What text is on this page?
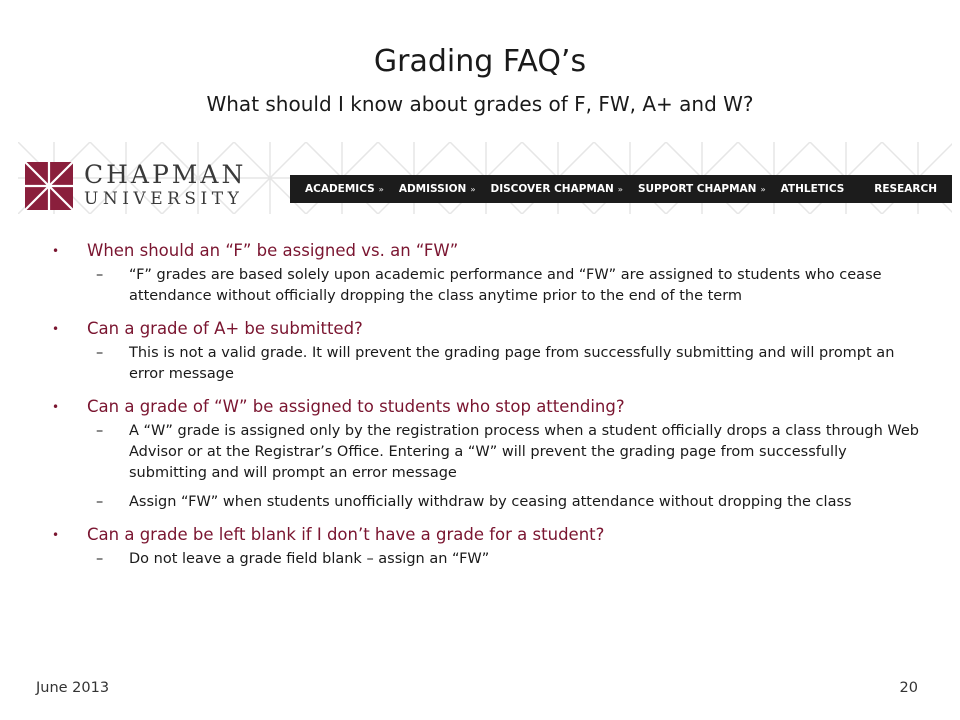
Grading FAQ’s
What should I know about grades of F, FW, A+ and W?
CHAPMAN
UNIVERSITY	ACADEMICS » ADMISSION » DISCOVER CHAPMAN » SUPPORT CHAPMAN » ATHLETICS	RESEARCH
• When should an “F” be assigned vs. an “FW”
– “F” grades are based solely upon academic performance and “FW” are assigned to students who cease attendance without officially dropping the class anytime prior to the end of the term
• Can a grade of A+ be submitted?
– This is not a valid grade. It will prevent the grading page from successfully submitting and will prompt an error message
• Can a grade of “W” be assigned to students who stop attending?
– A “W” grade is assigned only by the registration process when a student officially drops a class through Web Advisor or at the Registrar’s Office. Entering a “W” will prevent the grading page from successfully submitting and will prompt an error message
– Assign “FW” when students unofficially withdraw by ceasing attendance without dropping the class
• Can a grade be left blank if I don’t have a grade for a student?
– Do not leave a grade field blank – assign an “FW”
June 2013	20
